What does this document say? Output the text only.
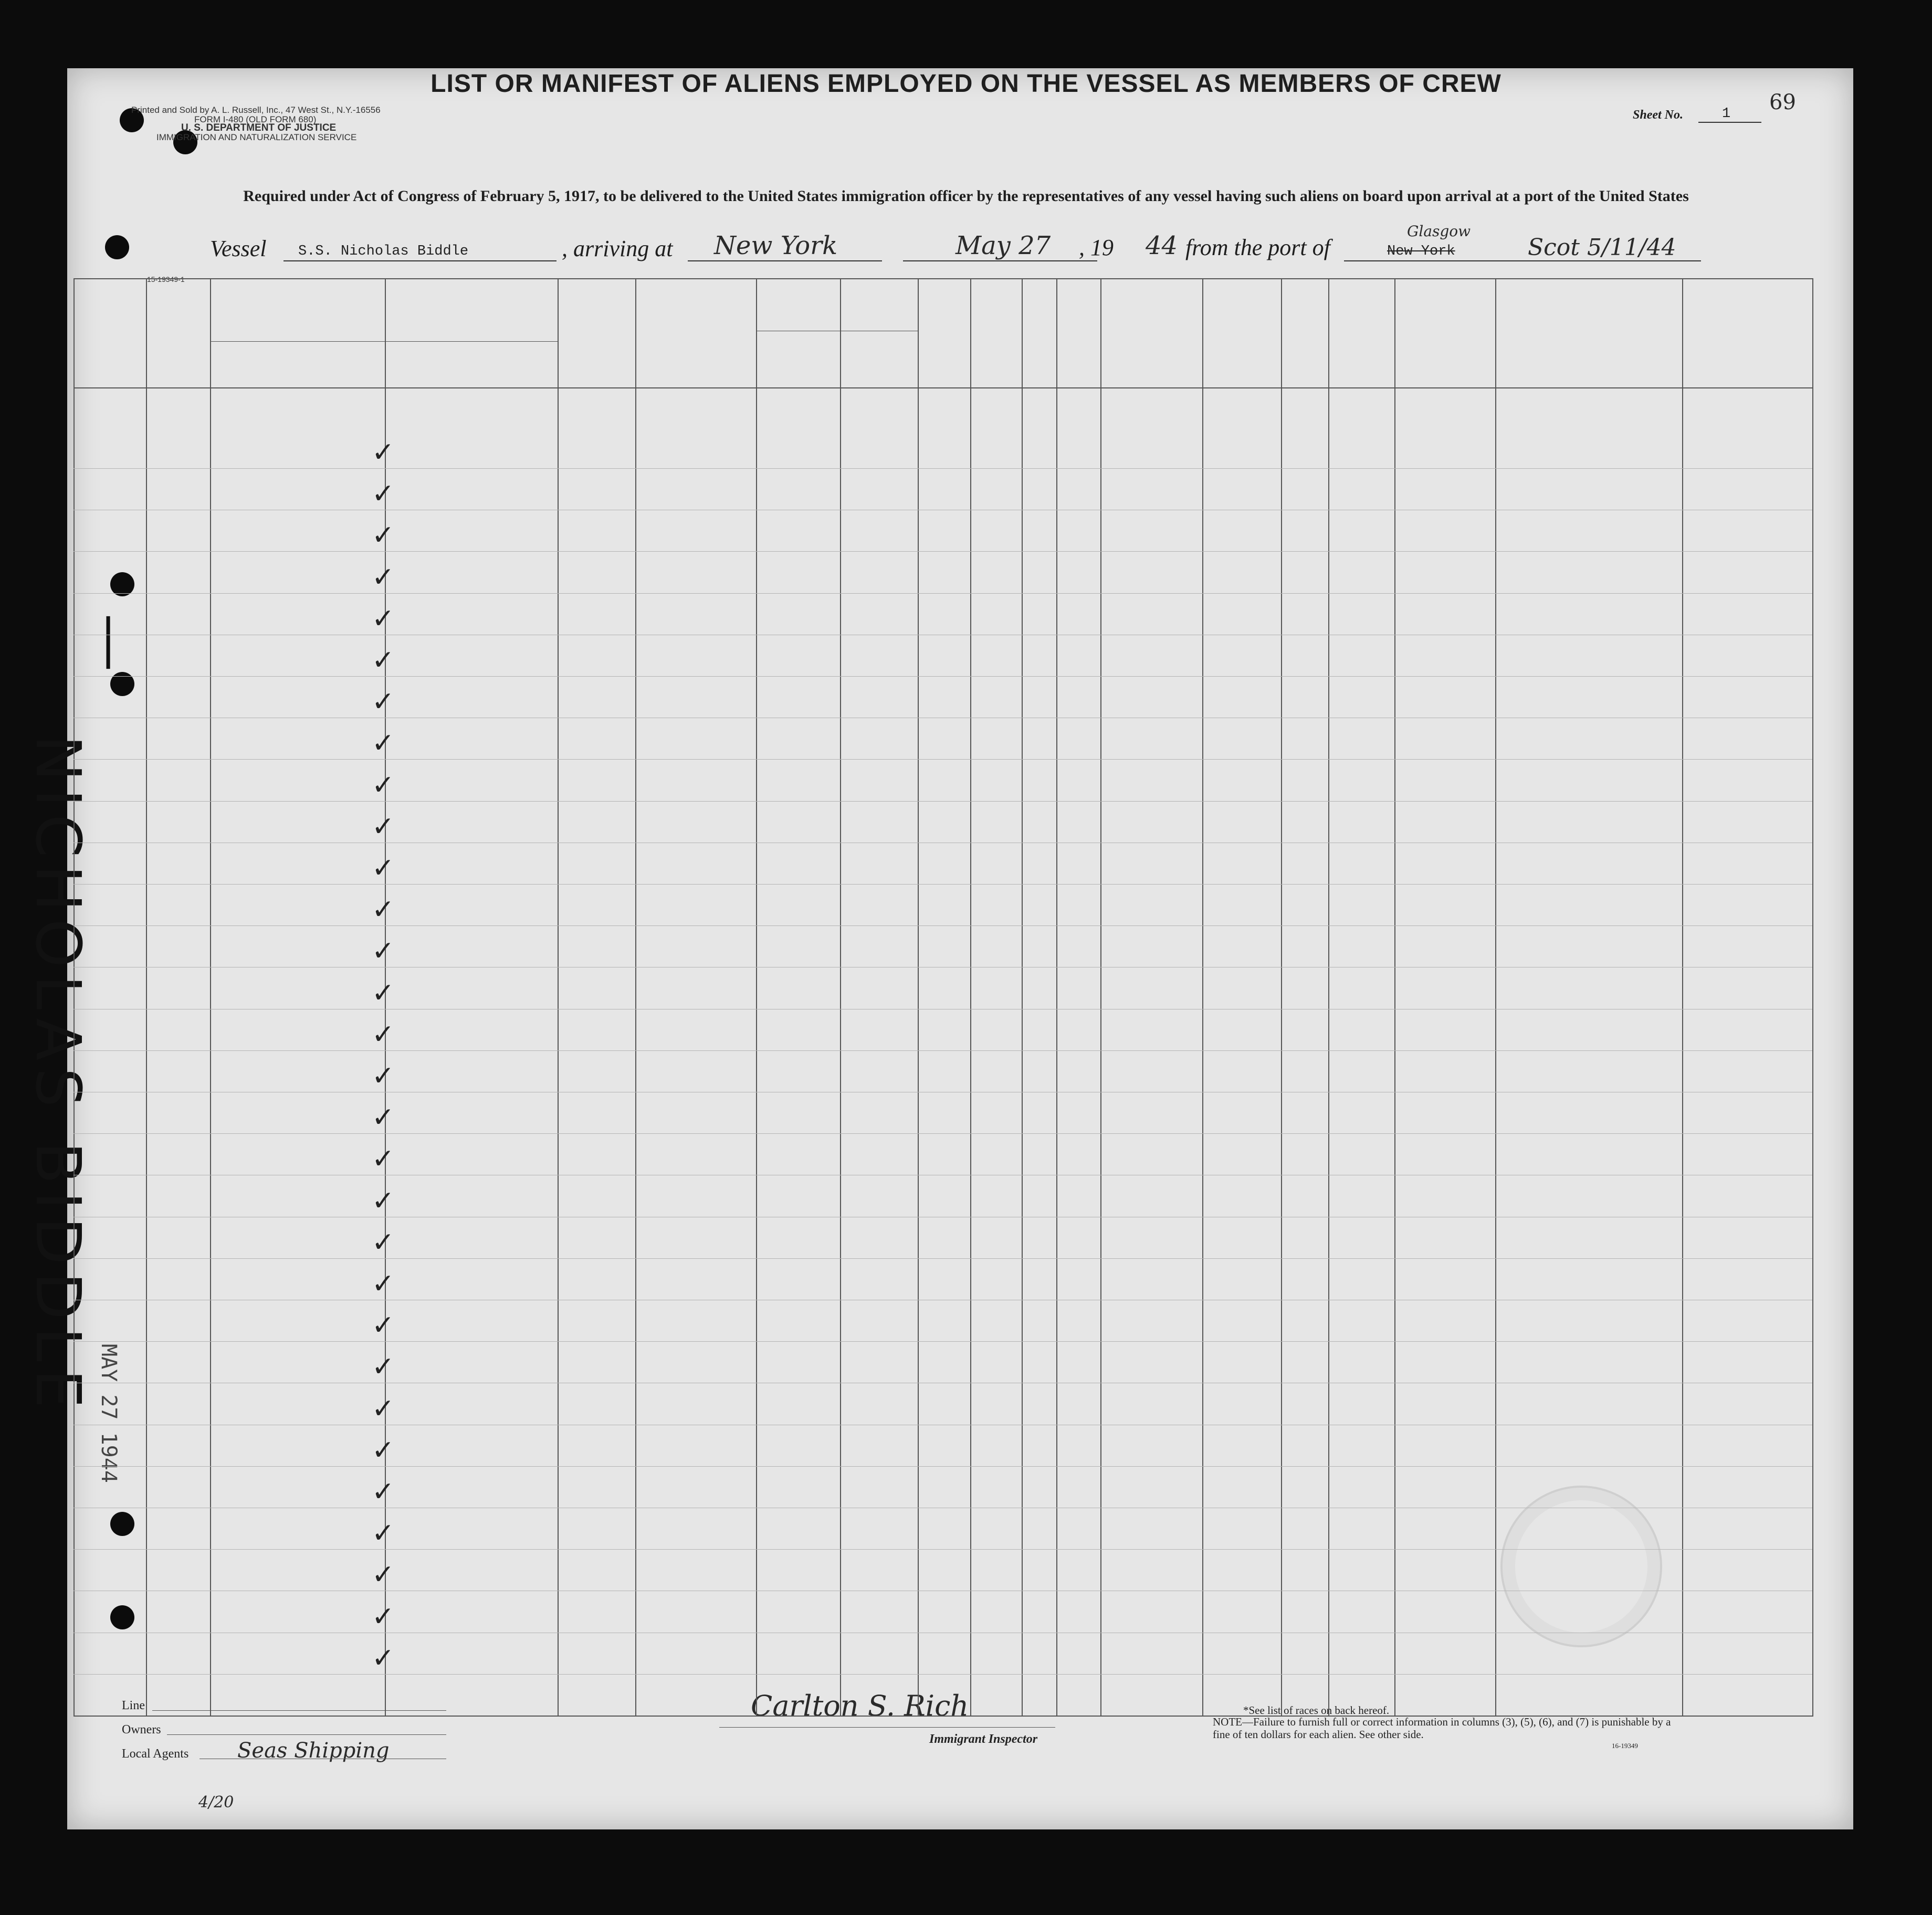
Printed and Sold by A. L. Russell, Inc., 47 West St., N.Y.-16556
FORM I-480 (OLD FORM 680)
U. S. DEPARTMENT OF JUSTICE
IMMIGRATION AND NATURALIZATION SERVICE
15-19349-1
Sheet No.	1 69
LIST OR MANIFEST OF ALIENS EMPLOYED ON THE VESSEL AS MEMBERS OF CREW
Required under Act of Congress of February 5, 1917, to be delivered to the United States immigration officer by the representatives of any vessel having such aliens on board upon arrival at a port of the United States
Vessel S.S. Nicholas Biddle	, arriving at New York	May 27 , 19 44 from the port of
Glasgow
New York	Scot 5/11/44
NICHOLAS BIDDLE
—
MAY 27 1944
Line
Owners
Local Agents Seas Shipping
Carlton S. Rich
Immigrant Inspector
*See list of races on back hereof.
NOTE—Failure to furnish full or correct information in columns (3), (5), (6), and (7) is punishable by a fine of ten dollars for each alien. See other side.
16-19349
4/20
✓
✓
✓
✓
✓
✓
✓
✓
✓
✓
✓
✓
✓
✓
✓
✓
✓
✓
✓
✓
✓
✓
✓
✓
✓
✓
✓
✓
✓
✓
